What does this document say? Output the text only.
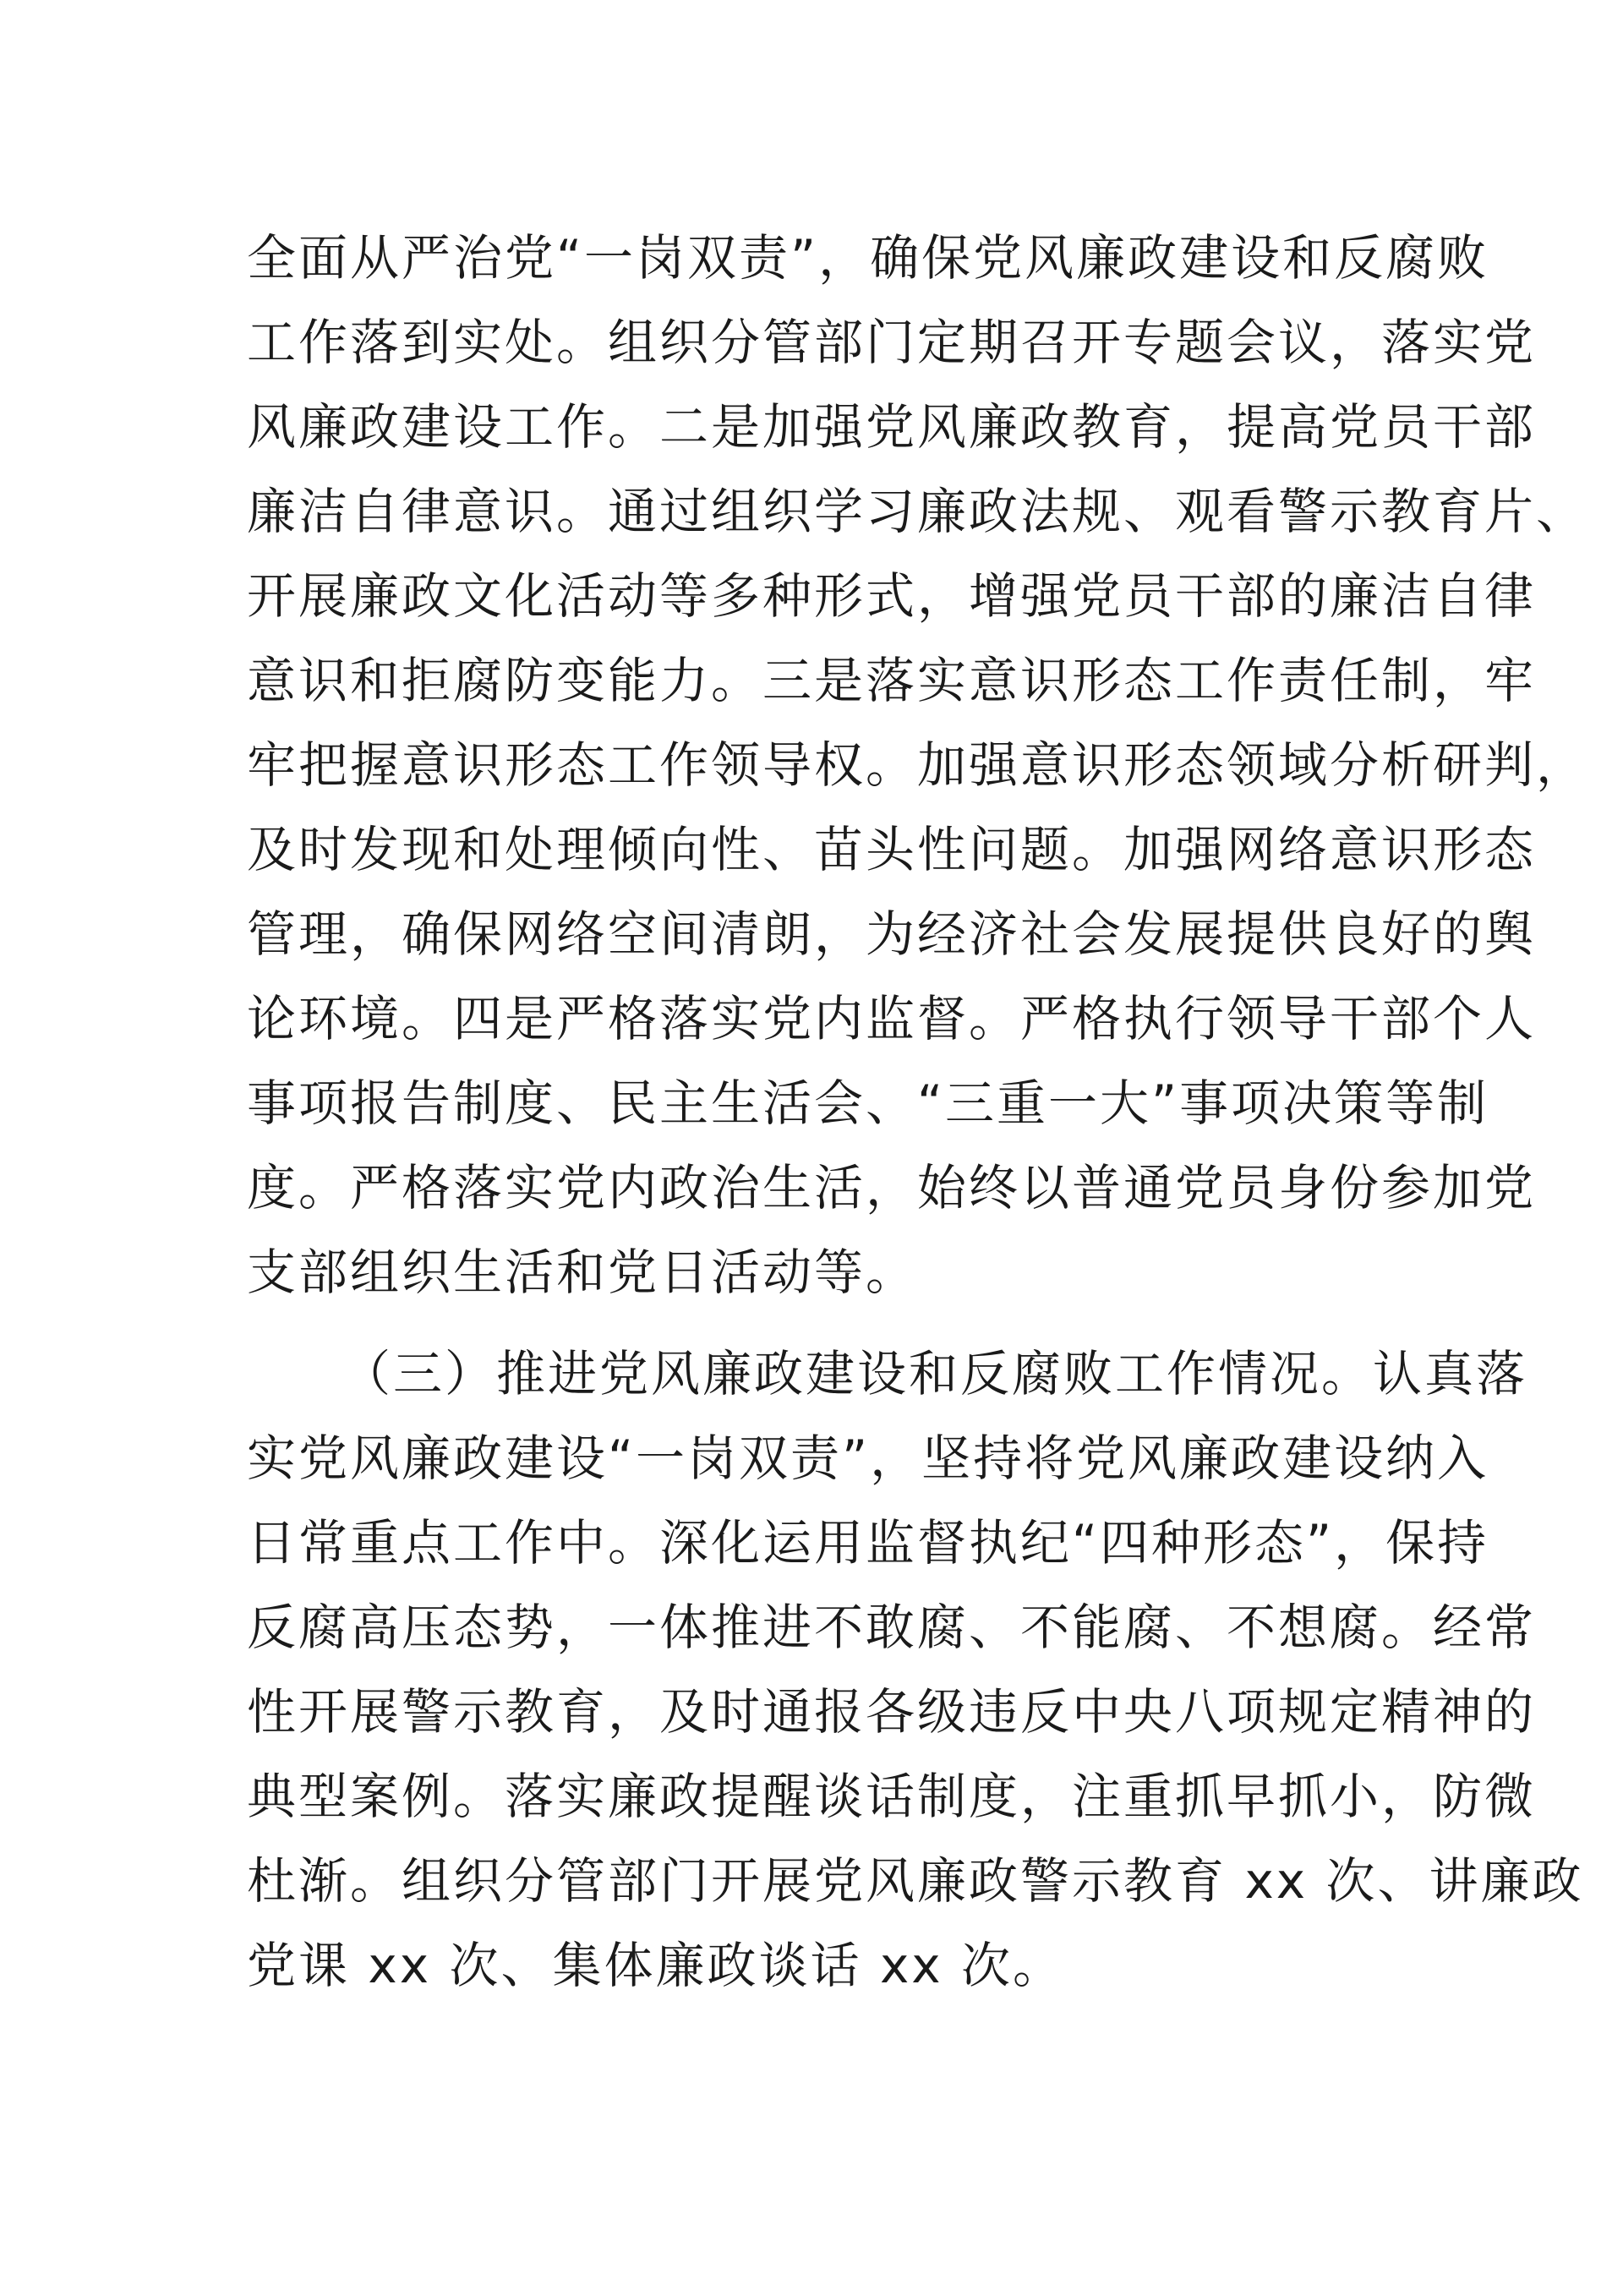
全面从严治党“一岗双责”，确保党风廉政建设和反腐败
工作落到实处。组织分管部门定期召开专题会议，落实党
风廉政建设工作。二是加强党风廉政教育，提高党员干部
廉洁自律意识。通过组织学习廉政法规、观看警示教育片、
开展廉政文化活动等多种形式，增强党员干部的廉洁自律
意识和拒腐防变能力。三是落实意识形态工作责任制，牢
牢把握意识形态工作领导权。加强意识形态领域分析研判，
及时发现和处理倾向性、苗头性问题。加强网络意识形态
管理，确保网络空间清朗，为经济社会发展提供良好的舆
论环境。四是严格落实党内监督。严格执行领导干部个人
事项报告制度、民主生活会、“三重一大”事项决策等制
度。严格落实党内政治生活，始终以普通党员身份参加党
支部组织生活和党日活动等。
（三）推进党风廉政建设和反腐败工作情况。认真落
实党风廉政建设“一岗双责”，坚持将党风廉政建设纳入
日常重点工作中。深化运用监督执纪“四种形态”，保持
反腐高压态势，一体推进不敢腐、不能腐、不想腐。经常
性开展警示教育，及时通报各级违反中央八项规定精神的
典型案例。落实廉政提醒谈话制度，注重抓早抓小，防微
杜渐。组织分管部门开展党风廉政警示教育 xx 次、讲廉政
党课 xx 次、集体廉政谈话 xx 次。
